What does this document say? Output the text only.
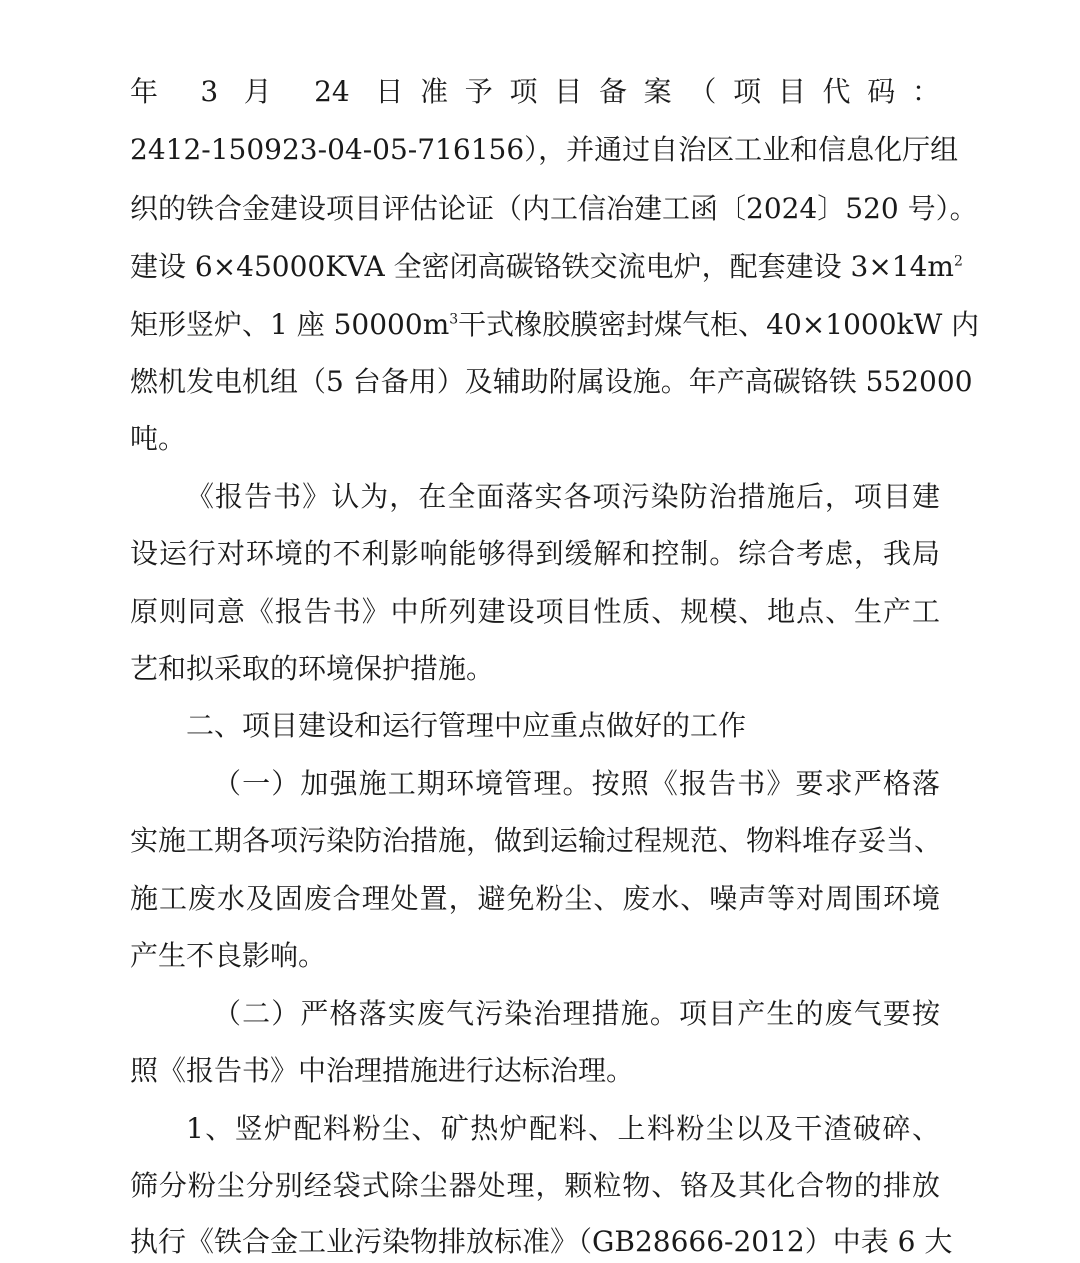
年 3 月 24 日准予项目备案（项目代码：
2412-150923-04-05-716156），并通过自治区工业和信息化厅组
织的铁合金建设项目评估论证（内工信冶建工函〔2024〕520 号）。
建设 6×45000KVA 全密闭高碳铬铁交流电炉，配套建设 $3\times 14m^2$
矩形竖炉、1 座 $50000m^3$干式橡胶膜密封煤气柜、40×1000kW 内
燃机发电机组（5 台备用）及辅助附属设施。年产高碳铬铁 552000
吨。
《报告书》认为，在全面落实各项污染防治措施后，项目建
设运行对环境的不利影响能够得到缓解和控制。综合考虑，我局
原则同意《报告书》中所列建设项目性质、规模、地点、生产工
艺和拟采取的环境保护措施。
二、项目建设和运行管理中应重点做好的工作
（一）加强施工期环境管理。按照《报告书》要求严格落
实施工期各项污染防治措施，做到运输过程规范、物料堆存妥当、
施工废水及固废合理处置，避免粉尘、废水、噪声等对周围环境
产生不良影响。
（二）严格落实废气污染治理措施。项目产生的废气要按
照《报告书》中治理措施进行达标治理。
1、竖炉配料粉尘、矿热炉配料、上料粉尘以及干渣破碎、
筛分粉尘分别经袋式除尘器处理，颗粒物、铬及其化合物的排放
执行《铁合金工业污染物排放标准》（GB28666-2012）中表 6 大
